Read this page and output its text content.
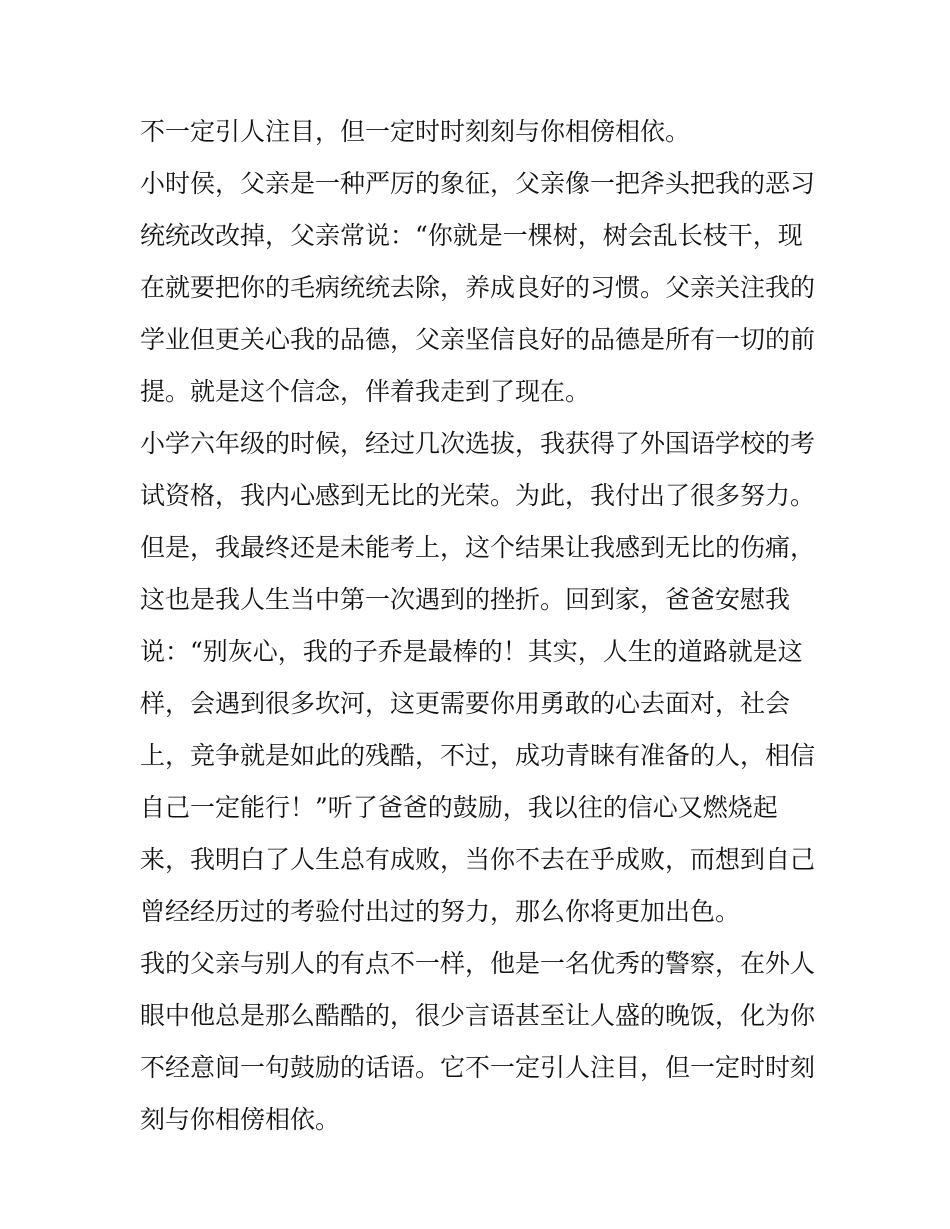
不一定引人注目，但一定时时刻刻与你相傍相依。
小时侯，父亲是一种严厉的象征，父亲像一把斧头把我的恶习
统统改改掉，父亲常说：“你就是一棵树，树会乱长枝干，现
在就要把你的毛病统统去除，养成良好的习惯。父亲关注我的
学业但更关心我的品德，父亲坚信良好的品德是所有一切的前
提。就是这个信念，伴着我走到了现在。
小学六年级的时候，经过几次选拔，我获得了外国语学校的考
试资格，我内心感到无比的光荣。为此，我付出了很多努力。
但是，我最终还是未能考上，这个结果让我感到无比的伤痛，
这也是我人生当中第一次遇到的挫折。回到家，爸爸安慰我
说：“别灰心，我的子乔是最棒的！其实，人生的道路就是这
样，会遇到很多坎河，这更需要你用勇敢的心去面对，社会
上，竞争就是如此的残酷，不过，成功青睐有准备的人，相信
自己一定能行！”听了爸爸的鼓励，我以往的信心又燃烧起
来，我明白了人生总有成败，当你不去在乎成败，而想到自己
曾经经历过的考验付出过的努力，那么你将更加出色。
我的父亲与别人的有点不一样，他是一名优秀的警察，在外人
眼中他总是那么酷酷的，很少言语甚至让人盛的晚饭，化为你
不经意间一句鼓励的话语。它不一定引人注目，但一定时时刻
刻与你相傍相依。
